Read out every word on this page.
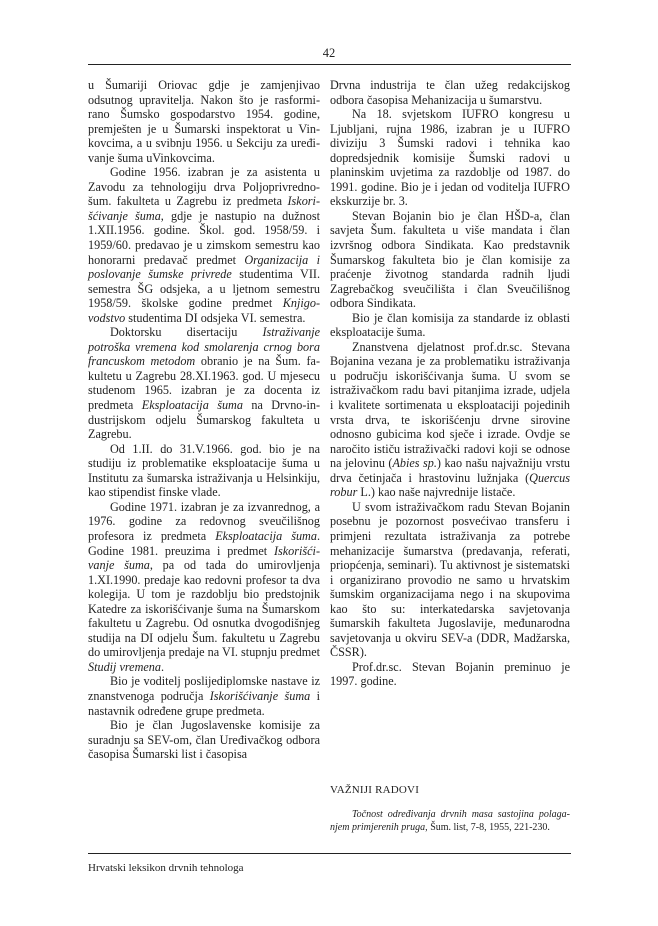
42

u Šumariji Oriovac gdje je zamjenjivao odsutnog upravitelja. Nakon što je rasformirano Šumsko gospodarstvo 1954. godine, premješten je u Šumarski inspektorat u Vinkovcima, a u svibnju 1956. u Sekciju za uređivanje šuma uVinkovcima.

Godine 1956. izabran je za asistenta u Zavodu za tehnologiju drva Poljoprivredno-šum. fakulteta u Zagrebu iz predmeta Iskorišćivanje šuma, gdje je nastupio na dužnost 1.XII.1956. godine. Škol. god. 1958/59. i 1959/60. predavao je u zimskom semestru kao honorarni predavač predmet Organizacija i poslovanje šumske privrede studentima VII. semestra ŠG odsjeka, a u ljetnom semestru 1958/59. školske godine predmet Knjigovodstvo studentima DI odsjeka VI. semestra.

Doktorsku disertaciju Istraživanje potroška vremena kod smolarenja crnog bora francuskom metodom obranio je na Šum. fakultetu u Zagrebu 28.XI.1963. god. U mjesecu studenom 1965. izabran je za docenta iz predmeta Eksploatacija šuma na Drvno-industrijskom odjelu Šumarskog fakulteta u Zagrebu.

Od 1.II. do 31.V.1966. god. bio je na studiju iz problematike eksploatacije šuma u Institutu za šumarska istraživanja u Helsinkiju, kao stipendist finske vlade.

Godine 1971. izabran je za izvanrednog, a 1976. godine za redovnog sveučilišnog profesora iz predmeta Eksploatacija šuma. Godine 1981. preuzima i predmet Iskorišćivanje šuma, pa od tada do umirovljenja 1.XI.1990. predaje kao redovni profesor ta dva kolegija. U tom je razdoblju bio predstojnik Katedre za iskorišćivanje šuma na Šumarskom fakultetu u Zagrebu. Od osnutka dvogodišnjeg studija na DI odjelu Šum. fakultetu u Zagrebu do umirovljenja predaje na VI. stupnju predmet Studij vremena.

Bio je voditelj poslijediplomske nastave iz znanstvenoga područja Iskorišćivanje šuma i nastavnik određene grupe predmeta.

Bio je član Jugoslavenske komisije za suradnju sa SEV-om, član Uređivačkog odbora časopisa Šumarski list i časopisa

Drvna industrija te član užeg redakcijskog odbora časopisa Mehanizacija u šumarstvu.

Na 18. svjetskom IUFRO kongresu u Ljubljani, rujna 1986, izabran je u IUFRO diviziju 3 Šumski radovi i tehnika kao dopredsjednik komisije Šumski radovi u planinskim uvjetima za razdoblje od 1987. do 1991. godine. Bio je i jedan od voditelja IUFRO ekskurzije br. 3.

Stevan Bojanin bio je član HŠD-a, član savjeta Šum. fakulteta u više mandata i član izvršnog odbora Sindikata. Kao predstavnik Šumarskog fakulteta bio je član komisije za praćenje životnog standarda radnih ljudi Zagrebačkog sveučilišta i član Sveučilišnog odbora Sindikata.

Bio je član komisija za standarde iz oblasti eksploatacije šuma.

Znanstvena djelatnost prof.dr.sc. Stevana Bojanina vezana je za problematiku istraživanja u području iskorišćivanja šuma. U svom se istraživačkom radu bavi pitanjima izrade, udjela i kvalitete sortimenata u eksploataciji pojedinih vrsta drva, te iskorišćenju drvne sirovine odnosno gubicima kod sječe i izrade. Ovdje se naročito ističu istraživački radovi koji se odnose na jelovinu (Abies sp.) kao našu najvažniju vrstu drva četinjača i hrastovinu lužnjaka (Quercus robur L.) kao naše najvrednije listače.

U svom istraživačkom radu Stevan Bojanin posebnu je pozornost posvećivao transferu i primjeni rezultata istraživanja za potrebe mehanizacije šumarstva (predavanja, referati, priopćenja, seminari). Tu aktivnost je sistematski i organizirano provodio ne samo u hrvatskim šumskim organizacijama nego i na skupovima kao što su: interkatedarska savjetovanja šumarskih fakulteta Jugoslavije, međunarodna savjetovanja u okviru SEV-a (DDR, Madžarska, ČSSR).

Prof.dr.sc. Stevan Bojanin preminuo je 1997. godine.

VAŽNIJI RADOVI
Točnost određivanja drvnih masa sastojina polaganjem primjerenih pruga, Šum. list, 7-8, 1955, 221-230.
Hrvatski leksikon drvnih tehnologa
